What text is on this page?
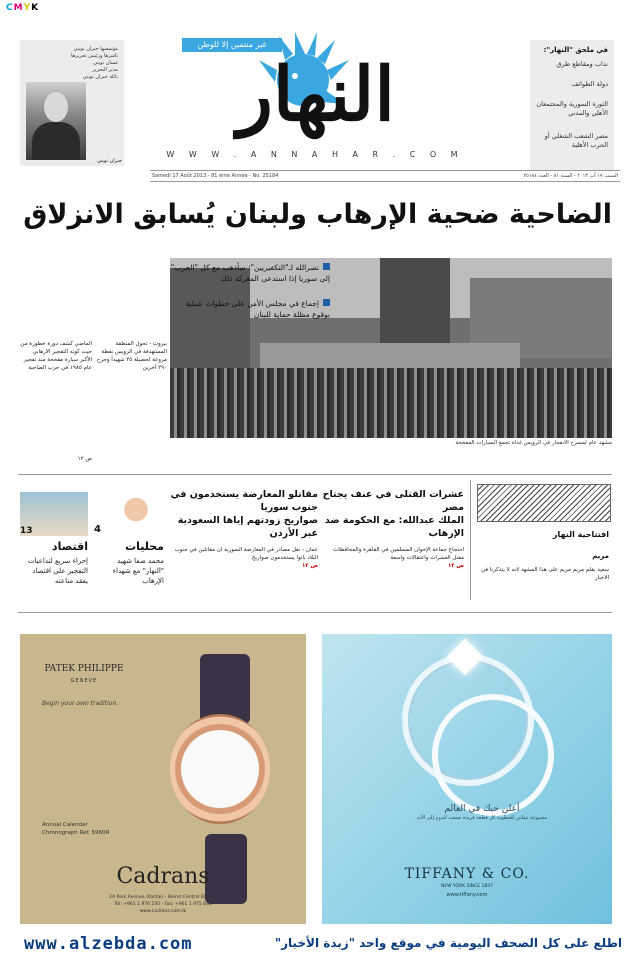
CMYK
مؤسسها جبران تويني
ناشرها ورئيس تحريرها
غسان تويني
مدير التحرير
نائلة جبران تويني
جبران تويني
غير منتمين إلا للوطن
النهار
W W W . A N N A H A R . C O M
في ملحق "النهار":
نداب ومقاطع طرق
دولة الطوائف
الثورة السورية والمجتمعان الأهلي والمدني
مصر الشعب الشغلي أو الحرب الأهلية
Samedi 17 Août 2013 - 81 ème Année - No. 25184	السبت ١٧ آب ٢٠١٣ - السنة ٨١ - العدد ٢٥١٨٤
الضاحية ضحية الإرهاب ولبنان يُسابق الانزلاق
مشهد عام لمسرح الانفجار في الرويس غداة تجمع السيارات المفخخة
نصرالله لـ"التكفيريين": سأذهب مع كل "الحرب" إلى سوريا إذا استدعى المعركة ذلك
إجماع في مجلس الأمن على خطوات عملية بوقوع مظلة حماية للبنان
الماضي كشف دورة خطورة من حيث كونه التفجير الارهابي الأكبر سيارة مفخخة منذ تفجير عام ١٩٨٥ في حرب الضاحية
بيروت - تحول المنطقة المستهدفة في الرويس نقطة مروعة لحصيلة ٢٥ شهيداً وجرح ٢٩٠ آخرين
ص ١٢
افتتاحية النهار
مريم
سعيد بقلم مريم مريم على هذا المشهد لانه لا يتذكرنا في الاخبار
عشرات القتلى في عنف يجتاح مصر
الملك عبدالله: مع الحكومة ضد الإرهاب
احتجاج جماعة الإخوان المسلمين في القاهرة والمحافظات مقتل العشرات واعتقالات واسعة
ص ١٢
مقاتلو المعارضة يستخدمون في جنوب سوريا
صواريخ زودتهم إياها السعودية عبر الأردن
عمان - نقل مصادر في المعارضة السورية ان مقاتلين في جنوب البلاد باتوا يستخدمون صواريخ
ص ١٢
4
محليات
محمد صفا شهيد "النهار" مع شهداء الإرهاب
13
اقتصاد
إجراء سريع لتداعيات التفجير على اقتصاد يفقد مناعته
PATEK PHILIPPE
GENEVE
Begin your own tradition.
Annual Calendar
Chronograph Ref. 5960R
Cadrans
2A Park Avenue, Kantari - Beirut Central District
Tel: +961 1 976 230 - Fax: +961 1 975 844
www.cadrans.com.lb
أعلن حبك في العالم
مجموعة تيفاني للخطوبة كل قطعة فريدة صنعت لتدوم إلى الأبد
TIFFANY & CO.
NEW YORK SINCE 1837
www.tiffany.com
www.alzebda.com	اطلع على كل الصحف اليومية في موقع واحد "زبدة الأخبار"
